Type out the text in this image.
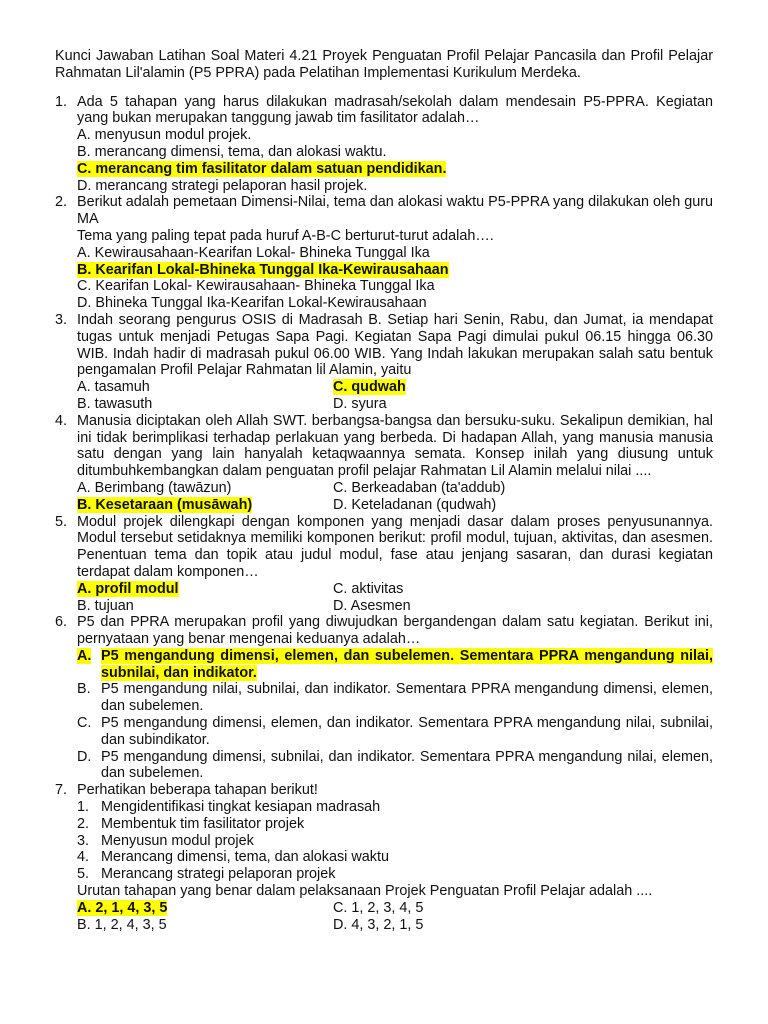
Kunci Jawaban Latihan Soal Materi 4.21 Proyek Penguatan Profil Pelajar Pancasila dan Profil Pelajar Rahmatan Lil'alamin (P5 PPRA) pada Pelatihan Implementasi Kurikulum Merdeka.

1. Ada 5 tahapan yang harus dilakukan madrasah/sekolah dalam mendesain P5-PPRA. Kegiatan yang bukan merupakan tanggung jawab tim fasilitator adalah…
A. menyusun modul projek.
B. merancang dimensi, tema, dan alokasi waktu.
C. merancang tim fasilitator dalam satuan pendidikan.
D. merancang strategi pelaporan hasil projek.
2. Berikut adalah pemetaan Dimensi-Nilai, tema dan alokasi waktu P5-PPRA yang dilakukan oleh guru MA
Tema yang paling tepat pada huruf A-B-C berturut-turut adalah….
A. Kewirausahaan-Kearifan Lokal- Bhineka Tunggal Ika
B. Kearifan Lokal-Bhineka Tunggal Ika-Kewirausahaan
C. Kearifan Lokal- Kewirausahaan- Bhineka Tunggal Ika
D. Bhineka Tunggal Ika-Kearifan Lokal-Kewirausahaan
3. Indah seorang pengurus OSIS di Madrasah B. Setiap hari Senin, Rabu, dan Jumat, ia mendapat tugas untuk menjadi Petugas Sapa Pagi. Kegiatan Sapa Pagi dimulai pukul 06.15 hingga 06.30 WIB. Indah hadir di madrasah pukul 06.00 WIB. Yang Indah lakukan merupakan salah satu bentuk pengamalan Profil Pelajar Rahmatan lil Alamin, yaitu
A. tasamuh	C. qudwah
B. tawasuth	D. syura
4. Manusia diciptakan oleh Allah SWT. berbangsa-bangsa dan bersuku-suku. Sekalipun demikian, hal ini tidak berimplikasi terhadap perlakuan yang berbeda. Di hadapan Allah, yang manusia manusia satu dengan yang lain hanyalah ketaqwaannya semata. Konsep inilah yang diusung untuk ditumbuhkembangkan dalam penguatan profil pelajar Rahmatan Lil Alamin melalui nilai ....
A. Berimbang (tawāzun)	C. Berkeadaban (ta'addub)
B. Kesetaraan (musāwah)	D. Keteladanan (qudwah)
5. Modul projek dilengkapi dengan komponen yang menjadi dasar dalam proses penyusunannya. Modul tersebut setidaknya memiliki komponen berikut: profil modul, tujuan, aktivitas, dan asesmen. Penentuan tema dan topik atau judul modul, fase atau jenjang sasaran, dan durasi kegiatan terdapat dalam komponen…
A. profil modul	C. aktivitas
B. tujuan	D. Asesmen
6. P5 dan PPRA merupakan profil yang diwujudkan bergandengan dalam satu kegiatan. Berikut ini, pernyataan yang benar mengenai keduanya adalah…
A. P5 mengandung dimensi, elemen, dan subelemen. Sementara PPRA mengandung nilai, subnilai, dan indikator.
B. P5 mengandung nilai, subnilai, dan indikator. Sementara PPRA mengandung dimensi, elemen, dan subelemen.
C. P5 mengandung dimensi, elemen, dan indikator. Sementara PPRA mengandung nilai, subnilai, dan subindikator.
D. P5 mengandung dimensi, subnilai, dan indikator. Sementara PPRA mengandung nilai, elemen, dan subelemen.
7. Perhatikan beberapa tahapan berikut!
1. Mengidentifikasi tingkat kesiapan madrasah
2. Membentuk tim fasilitator projek
3. Menyusun modul projek
4. Merancang dimensi, tema, dan alokasi waktu
5. Merancang strategi pelaporan projek
Urutan tahapan yang benar dalam pelaksanaan Projek Penguatan Profil Pelajar adalah ....
A. 2, 1, 4, 3, 5	C. 1, 2, 3, 4, 5
B. 1, 2, 4, 3, 5	D. 4, 3, 2, 1, 5
